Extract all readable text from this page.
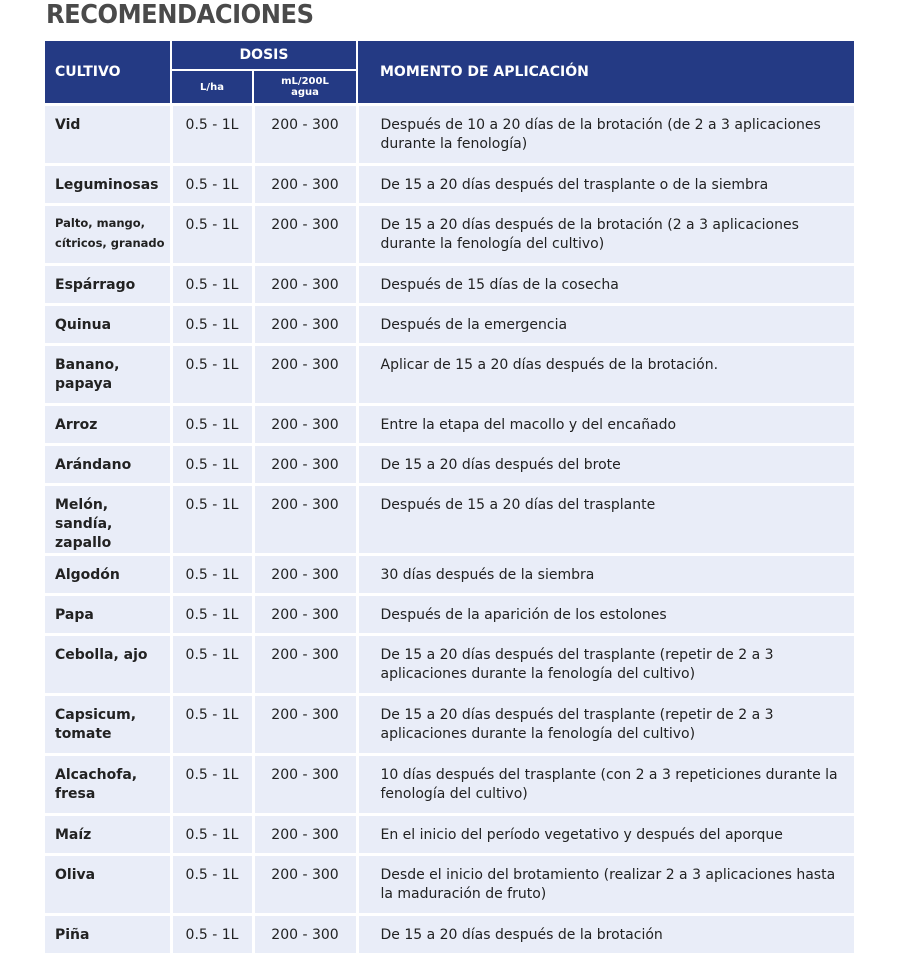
RECOMENDACIONES
CULTIVO	DOSIS		MOMENTO DE APLICACIÓN
	L/ha	mL/200L
agua	
Vid	0.5 - 1L	200 - 300	Después de 10 a 20 días de la brotación (de 2 a 3 aplicaciones durante la fenología)
Leguminosas	0.5 - 1L	200 - 300	De 15 a 20 días después del trasplante o de la siembra
Palto, mango, cítricos, granado	0.5 - 1L	200 - 300	De 15 a 20 días después de la brotación (2 a 3 aplicaciones durante la fenología del cultivo)
Espárrago	0.5 - 1L	200 - 300	Después de 15 días de la cosecha
Quinua	0.5 - 1L	200 - 300	Después de la emergencia
Banano, papaya	0.5 - 1L	200 - 300	Aplicar de 15 a 20 días después de la brotación.
Arroz	0.5 - 1L	200 - 300	Entre la etapa del macollo y del encañado
Arándano	0.5 - 1L	200 - 300	De 15 a 20 días después del brote
Melón, sandía, zapallo	0.5 - 1L	200 - 300	Después de 15 a 20 días del trasplante
Algodón	0.5 - 1L	200 - 300	30 días después de la siembra
Papa	0.5 - 1L	200 - 300	Después de la aparición de los estolones
Cebolla, ajo	0.5 - 1L	200 - 300	De 15 a 20 días después del trasplante (repetir de 2 a 3 aplicaciones durante la fenología del cultivo)
Capsicum, tomate	0.5 - 1L	200 - 300	De 15 a 20 días después del trasplante (repetir de 2 a 3 aplicaciones durante la fenología del cultivo)
Alcachofa, fresa	0.5 - 1L	200 - 300	10 días después del trasplante (con 2 a 3 repeticiones durante la fenología del cultivo)
Maíz	0.5 - 1L	200 - 300	En el inicio del período vegetativo y después del aporque
Oliva	0.5 - 1L	200 - 300	Desde el inicio del brotamiento (realizar 2 a 3 aplicaciones hasta la maduración de fruto)
Piña	0.5 - 1L	200 - 300	De 15 a 20 días después de la brotación
